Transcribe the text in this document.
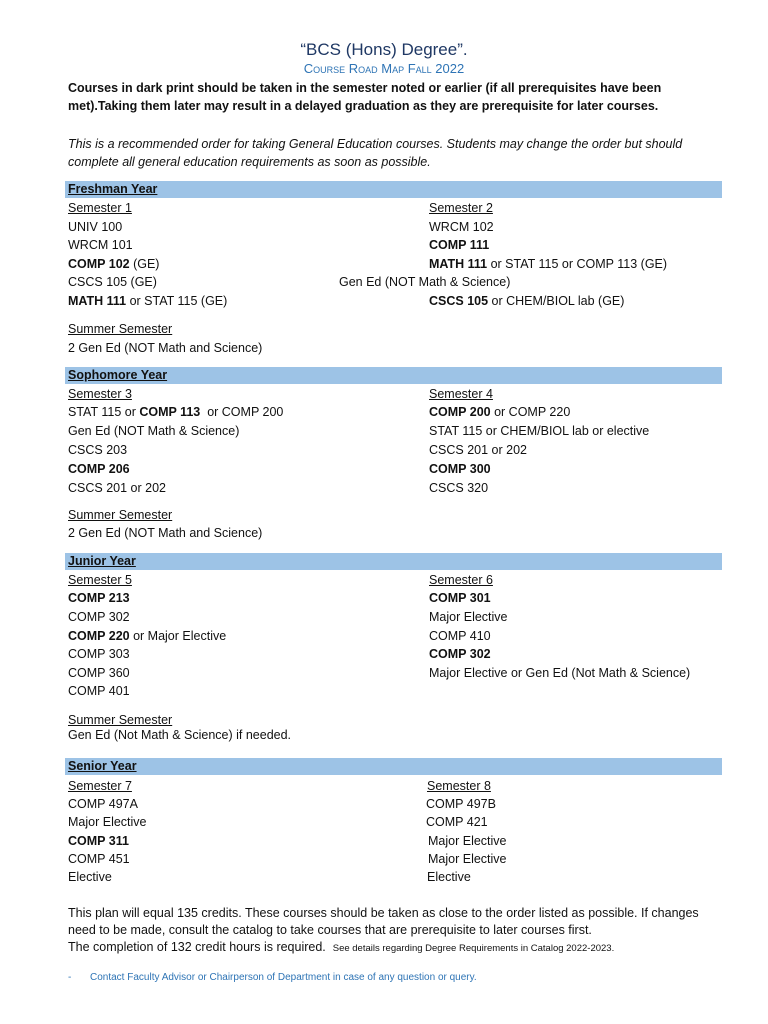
“BCS (Hons) Degree”.
Course Road Map Fall 2022

Courses in dark print should be taken in the semester noted or earlier (if all prerequisites have been met).Taking them later may result in a delayed graduation as they are prerequisite for later courses.

This is a recommended order for taking General Education courses. Students may change the order but should complete all general education requirements as soon as possible.

Freshman Year
Semester 1
UNIV 100
WRCM 101
COMP 102 (GE)
CSCS 105 (GE)
MATH 111 or STAT 115 (GE)
Semester 2
WRCM 102
COMP 111
MATH 111 or STAT 115 or COMP 113 (GE)
Gen Ed (NOT Math & Science)
CSCS 105 or CHEM/BIOL lab (GE)
Summer Semester
2 Gen Ed (NOT Math and Science)
Sophomore Year
Semester 3
STAT 115 or COMP 113  or COMP 200
Gen Ed (NOT Math & Science)
CSCS 203
COMP 206
CSCS 201 or 202
Semester 4
COMP 200 or COMP 220
STAT 115 or CHEM/BIOL lab or elective
CSCS 201 or 202
COMP 300
CSCS 320
Summer Semester
2 Gen Ed (NOT Math and Science)
Junior Year
Semester 5
COMP 213
COMP 302
COMP 220 or Major Elective
COMP 303
COMP 360
COMP 401
Semester 6
COMP 301
Major Elective
COMP 410
COMP 302
Major Elective or Gen Ed (Not Math & Science)
Summer Semester
Gen Ed (Not Math & Science) if needed.
Senior Year
Semester 7
COMP 497A
Major Elective
COMP 311
COMP 451
Elective
Semester 8
COMP 497B
COMP 421
Major Elective
Major Elective
Elective

This plan will equal 135 credits. These courses should be taken as close to the order listed as possible. If changes need to be made, consult the catalog to take courses that are prerequisite to later courses first.

The completion of 132 credit hours is required. See details regarding Degree Requirements in Catalog 2022-2023.

- Contact Faculty Advisor or Chairperson of Department in case of any question or query.
